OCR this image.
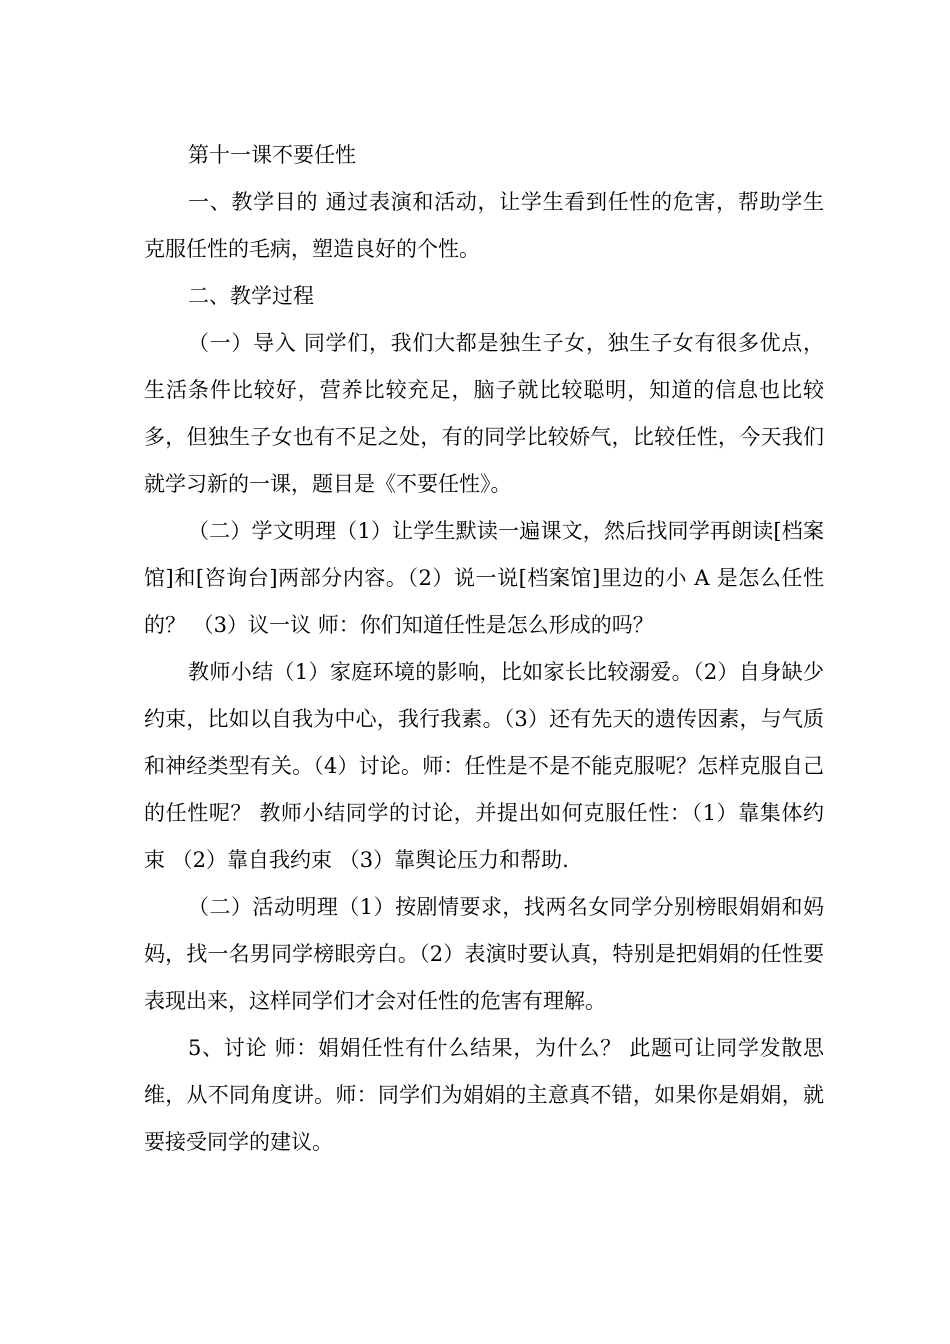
第十一课不要任性

一、教学目的 通过表演和活动，让学生看到任性的危害，帮助学生克服任性的毛病，塑造良好的个性。

二、教学过程

（一）导入 同学们，我们大都是独生子女，独生子女有很多优点，生活条件比较好，营养比较充足，脑子就比较聪明，知道的信息也比较多，但独生子女也有不足之处，有的同学比较娇气，比较任性，今天我们就学习新的一课，题目是《不要任性》。

（二）学文明理（1）让学生默读一遍课文，然后找同学再朗读[档案馆]和[咨询台]两部分内容。（2）说一说[档案馆]里边的小 A 是怎么任性的？ （3）议一议 师：你们知道任性是怎么形成的吗？

教师小结（1）家庭环境的影响，比如家长比较溺爱。（2）自身缺少约束，比如以自我为中心，我行我素。（3）还有先天的遗传因素，与气质和神经类型有关。（4）讨论。师：任性是不是不能克服呢？怎样克服自己的任性呢？ 教师小结同学的讨论，并提出如何克服任性：（1）靠集体约束 （2）靠自我约束 （3）靠舆论压力和帮助.

（二）活动明理（1）按剧情要求，找两名女同学分别榜眼娟娟和妈妈，找一名男同学榜眼旁白。（2）表演时要认真，特别是把娟娟的任性要表现出来，这样同学们才会对任性的危害有理解。

5、讨论 师：娟娟任性有什么结果，为什么？ 此题可让同学发散思维，从不同角度讲。师：同学们为娟娟的主意真不错，如果你是娟娟，就要接受同学的建议。
